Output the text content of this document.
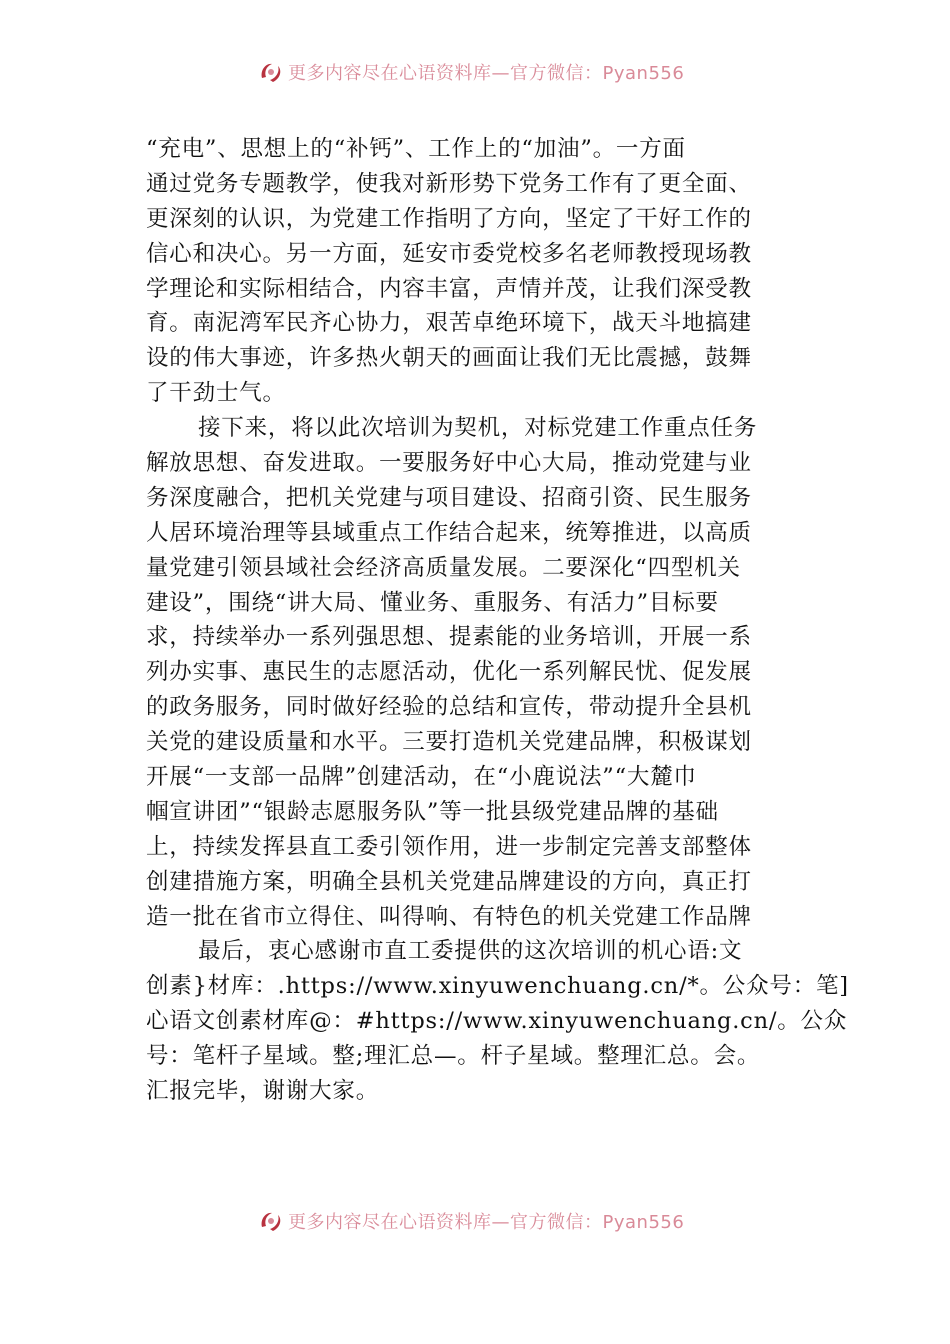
更多内容尽在心语资料库—官方微信：Pyan556
“充电”、思想上的“补钙”、工作上的“加油”。一方面
通过党务专题教学，使我对新形势下党务工作有了更全面、
更深刻的认识，为党建工作指明了方向，坚定了干好工作的
信心和决心。另一方面，延安市委党校多名老师教授现场教
学理论和实际相结合，内容丰富，声情并茂，让我们深受教
育。南泥湾军民齐心协力，艰苦卓绝环境下，战天斗地搞建
设的伟大事迹，许多热火朝天的画面让我们无比震撼，鼓舞
了干劲士气。
接下来，将以此次培训为契机，对标党建工作重点任务
解放思想、奋发进取。一要服务好中心大局，推动党建与业
务深度融合，把机关党建与项目建设、招商引资、民生服务
人居环境治理等县域重点工作结合起来，统筹推进，以高质
量党建引领县域社会经济高质量发展。二要深化“四型机关
建设”，围绕“讲大局、懂业务、重服务、有活力”目标要
求，持续举办一系列强思想、提素能的业务培训，开展一系
列办实事、惠民生的志愿活动，优化一系列解民忧、促发展
的政务服务，同时做好经验的总结和宣传，带动提升全县机
关党的建设质量和水平。三要打造机关党建品牌，积极谋划
开展“一支部一品牌”创建活动，在“小鹿说法”“大麓巾
帼宣讲团”“银龄志愿服务队”等一批县级党建品牌的基础
上，持续发挥县直工委引领作用，进一步制定完善支部整体
创建措施方案，明确全县机关党建品牌建设的方向，真正打
造一批在省市立得住、叫得响、有特色的机关党建工作品牌
最后，衷心感谢市直工委提供的这次培训的机心语:文
创素}材库：.https://www.xinyuwenchuang.cn/*。公众号：笔]
心语文创素材库@：#https://www.xinyuwenchuang.cn/。公众
号：笔杆子星域。整;理汇总—。杆子星域。整理汇总。会。
汇报完毕，谢谢大家。
更多内容尽在心语资料库—官方微信：Pyan556
